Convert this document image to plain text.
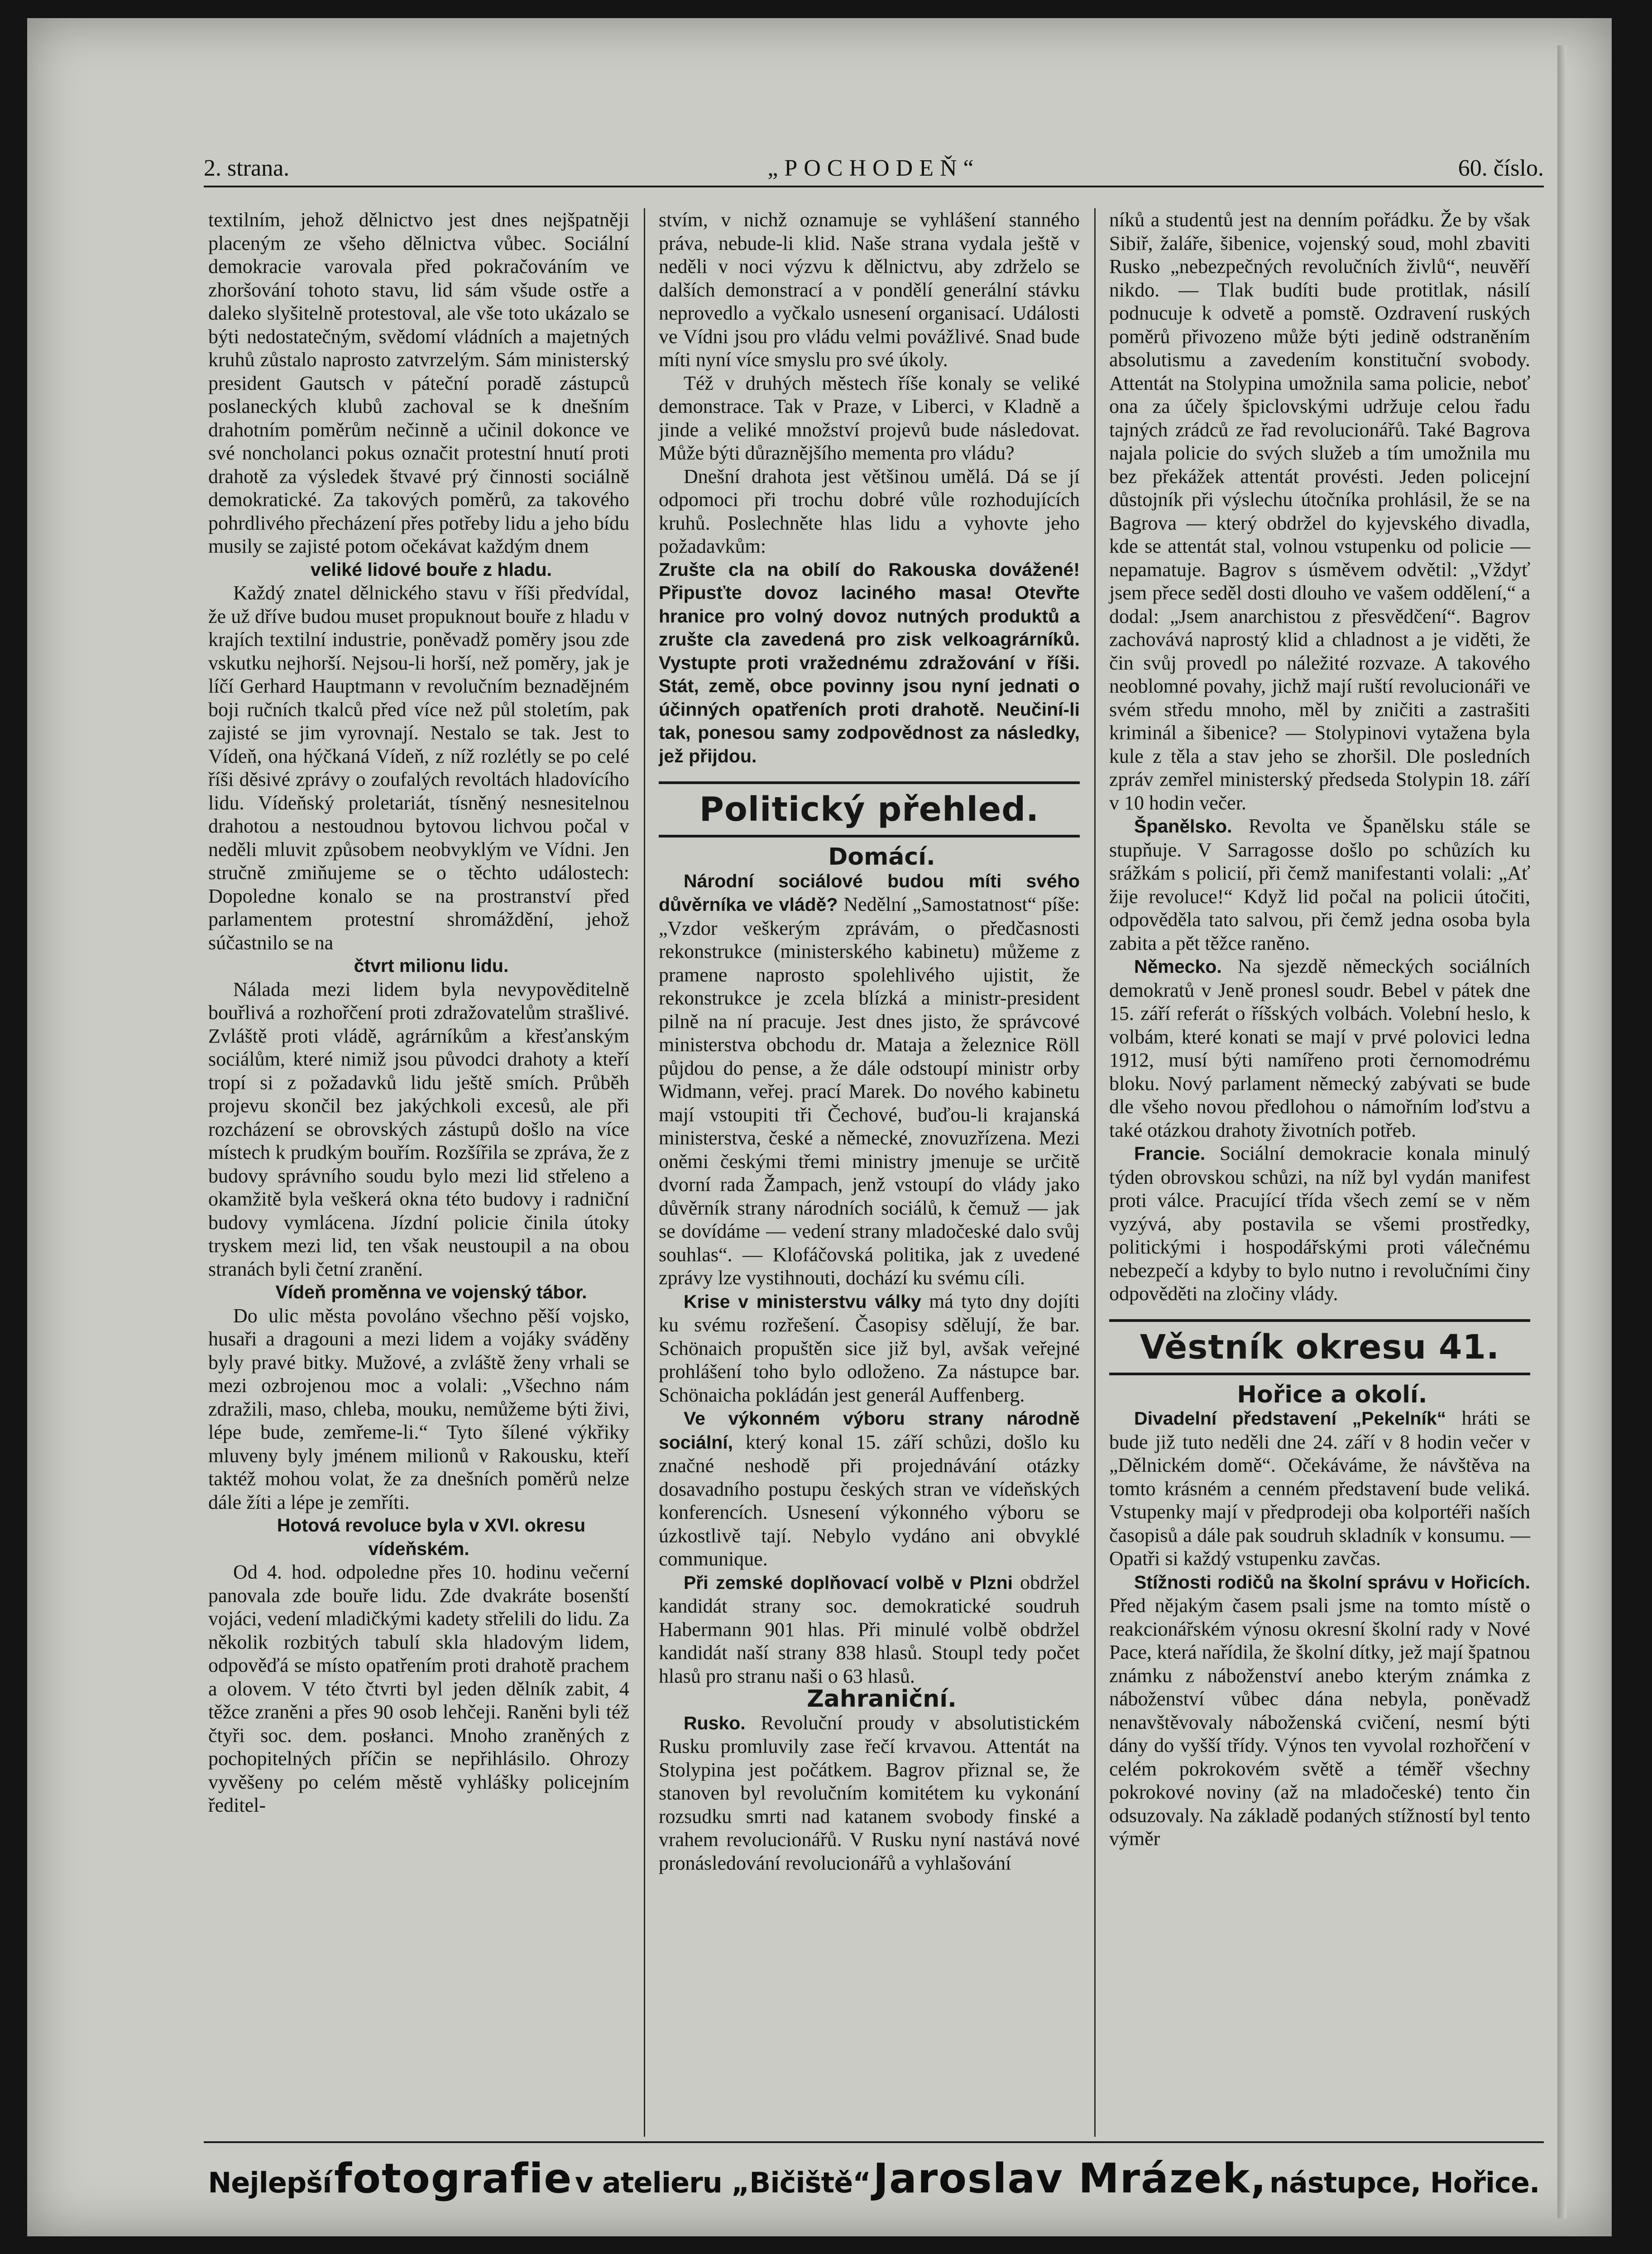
„POCHODEŇ“
2. strana.	60. číslo.

textilním, jehož dělnictvo jest dnes nejšpatněji placeným ze všeho dělnictva vůbec. Sociální demokracie varovala před pokračováním ve zhoršování tohoto stavu, lid sám všude ostře a daleko slyšitelně protestoval, ale vše toto ukázalo se býti nedostatečným, svědomí vládních a majetných kruhů zůstalo naprosto zatvrzelým. Sám ministerský president Gautsch v páteční poradě zástupců poslaneckých klubů zachoval se k dnešním drahotním poměrům nečinně a učinil dokonce ve své noncholanci pokus označit protestní hnutí proti drahotě za výsledek štvavé prý činnosti sociálně demokratické. Za takových poměrů, za takového pohrdlivého přecházení přes potřeby lidu a jeho bídu musily se zajisté potom očekávat každým dnem

veliké lidové bouře z hladu.

Každý znatel dělnického stavu v říši předvídal, že už dříve budou muset propuknout bouře z hladu v krajích textilní industrie, poněvadž poměry jsou zde vskutku nejhorší. Nejsou-li horší, než poměry, jak je líčí Gerhard Hauptmann v revolučním beznadějném boji ručních tkalců před více než půl stoletím, pak zajisté se jim vyrovnají. Nestalo se tak. Jest to Vídeň, ona hýčkaná Vídeň, z níž rozlétly se po celé říši děsivé zprávy o zoufalých revoltách hladovícího lidu. Vídeňský proletariát, tísněný nesnesitelnou drahotou a nestoudnou bytovou lichvou počal v neděli mluvit způsobem neobvyklým ve Vídni. Jen stručně zmiňujeme se o těchto událostech: Dopoledne konalo se na prostranství před parlamentem protestní shromáždění, jehož súčastnilo se na

čtvrt milionu lidu.

Nálada mezi lidem byla nevypověditelně bouřlivá a rozhořčení proti zdražovatelům strašlivé. Zvláště proti vládě, agrárníkům a křesťanským sociálům, které nimiž jsou původci drahoty a kteří tropí si z požadavků lidu ještě smích. Průběh projevu skončil bez jakýchkoli excesů, ale při rozcházení se obrovských zástupů došlo na více místech k prudkým bouřím. Rozšířila se zpráva, že z budovy správního soudu bylo mezi lid střeleno a okamžitě byla veškerá okna této budovy i radniční budovy vymlácena. Jízdní policie činila útoky tryskem mezi lid, ten však neustoupil a na obou stranách byli četní zranění.

Vídeň proměnna ve vojenský tábor.

Do ulic města povoláno všechno pěší vojsko, husaři a dragouni a mezi lidem a vojáky sváděny byly pravé bitky. Mužové, a zvláště ženy vrhali se mezi ozbrojenou moc a volali: „Všechno nám zdražili, maso, chleba, mouku, nemůžeme býti živi, lépe bude, zemřeme-li.“ Tyto šílené výkřiky mluveny byly jménem milionů v Rakousku, kteří taktéž mohou volat, že za dnešních poměrů nelze dále žíti a lépe je zemříti.

Hotová revoluce byla v XVI. okresu vídeňském.

Od 4. hod. odpoledne přes 10. hodinu večerní panovala zde bouře lidu. Zde dvakráte bosenští vojáci, vedení mladičkými kadety střelili do lidu. Za několik rozbitých tabulí skla hladovým lidem, odpověďá se místo opatřením proti drahotě prachem a olovem. V této čtvrti byl jeden dělník zabit, 4 těžce zraněni a přes 90 osob lehčeji. Raněni byli též čtyři soc. dem. posłanci. Mnoho zraněných z pochopitelných příčin se nepřihlásilo. Ohrozy vyvěšeny po celém městě vyhlášky policejním ředitel-

stvím, v nichž oznamuje se vyhlášení stanného práva, nebude-li klid. Naše strana vydala ještě v neděli v noci výzvu k dělnictvu, aby zdrželo se dalších demonstrací a v pondělí generální stávku neprovedlo a vyčkalo usnesení organisací. Události ve Vídni jsou pro vládu velmi povážlivé. Snad bude míti nyní více smyslu pro své úkoly.

Též v druhých městech říše konaly se veliké demonstrace. Tak v Praze, v Liberci, v Kladně a jinde a veliké množství projevů bude následovat. Může býti důraznějšího mementa pro vládu?

Dnešní drahota jest většinou umělá. Dá se jí odpomoci při trochu dobré vůle rozhodujících kruhů. Poslechněte hlas lidu a vyhovte jeho požadavkům:

Zrušte cla na obilí do Rakouska dovážené! Připusťte dovoz laciného masa! Otevřte hranice pro volný dovoz nutných produktů a zrušte cla zavedená pro zisk velkoagrárníků. Vystupte proti vražednému zdražování v říši. Stát, země, obce povinny jsou nyní jednati o účinných opatřeních proti drahotě. Neučiní-li tak, ponesou samy zodpovědnost za následky, jež přijdou.

Politický přehled.

Domácí.

Národní sociálové budou míti svého důvěrníka ve vládě? Nedělní „Samostatnost“ píše: „Vzdor veškerým zprávám, o předčasnosti rekonstrukce (ministerského kabinetu) můžeme z pramene naprosto spolehlivého ujistit, že rekonstrukce je zcela blízká a ministr-president pilně na ní pracuje. Jest dnes jisto, že správcové ministerstva obchodu dr. Mataja a železnice Röll půjdou do pense, a že dále odstoupí ministr orby Widmann, veřej. prací Marek. Do nového kabinetu mají vstoupiti tři Čechové, buďou-li krajanská ministerstva, české a německé, znovuzřízena. Mezi oněmi českými třemi ministry jmenuje se určitě dvorní rada Žampach, jenž vstoupí do vlády jako důvěrník strany národních sociálů, k čemuž — jak se dovídáme — vedení strany mladočeské dalo svůj souhlas“. — Klofáčovská politika, jak z uvedené zprávy lze vystihnouti, dochází ku svému cíli.

Krise v ministerstvu války má tyto dny dojíti ku svému rozřešení. Časopisy sdělují, že bar. Schönaich propuštěn sice již byl, avšak veřejné prohlášení toho bylo odloženo. Za nástupce bar. Schönaicha pokládán jest generál Auffenberg.

Ve výkonném výboru strany národně sociální, který konal 15. září schůzi, došlo ku značné neshodě při projednávání otázky dosavadního postupu českých stran ve vídeňských konferencích. Usnesení výkonného výboru se úzkostlivě tají. Nebylo vydáno ani obvyklé communique.

Při zemské doplňovací volbě v Plzni obdržel kandidát strany soc. demokratické soudruh Habermann 901 hlas. Při minulé volbě obdržel kandidát naší strany 838 hlasů. Stoupl tedy počet hlasů pro stranu naši o 63 hlasů.

Zahraniční.

Rusko. Revoluční proudy v absolutistickém Rusku promluvily zase řečí krvavou. Attentát na Stolypina jest počátkem. Bagrov přiznal se, že stanoven byl revolučním komitétem ku vykonání rozsudku smrti nad katanem svobody finské a vrahem revolucionářů. V Rusku nyní nastává nové pronásledování revolucionářů a vyhlašování

níků a studentů jest na denním pořádku. Že by však Sibiř, žaláře, šibenice, vojenský soud, mohl zbaviti Rusko „nebezpečných revolučních živlů“, neuvěří nikdo. — Tlak budíti bude protitlak, násilí podnucuje k odvetě a pomstě. Ozdravení ruských poměrů přivozeno může býti jedině odstraněním absolutismu a zavedením konstituční svobody. Attentát na Stolypina umožnila sama policie, neboť ona za účely špiclovskými udržuje celou řadu tajných zrádců ze řad revolucionářů. Také Bagrova najala policie do svých služeb a tím umožnila mu bez překážek attentát provésti. Jeden policejní důstojník při výslechu útočníka prohlásil, že se na Bagrova — který obdržel do kyjevského divadla, kde se attentát stal, volnou vstupenku od policie — nepamatuje. Bagrov s úsměvem odvětil: „Vždyť jsem přece seděl dosti dlouho ve vašem oddělení,“ a dodal: „Jsem anarchistou z přesvědčení“. Bagrov zachovává naprostý klid a chladnost a je viděti, že čin svůj provedl po náležité rozvaze. A takového neoblomné povahy, jichž mají ruští revolucionáři ve svém středu mnoho, měl by zničiti a zastrašiti kriminál a šibenice? — Stolypinovi vytažena byla kule z těla a stav jeho se zhoršil. Dle posledních zpráv zemřel ministerský předseda Stolypin 18. září v 10 hodin večer.

Španělsko. Revolta ve Španělsku stále se stupňuje. V Sarragosse došlo po schůzích ku srážkám s policií, při čemž manifestanti volali: „Ať žije revoluce!“ Když lid počal na policii útočiti, odpověděla tato salvou, při čemž jedna osoba byla zabita a pět těžce raněno.

Německo. Na sjezdě německých sociálních demokratů v Jeně pronesl soudr. Bebel v pátek dne 15. září referát o říšských volbách. Volební heslo, k volbám, které konati se mají v prvé polovici ledna 1912, musí býti namířeno proti černomodrému bloku. Nový parlament německý zabývati se bude dle všeho novou předlohou o námořním loďstvu a také otázkou drahoty životních potřeb.

Francie. Sociální demokracie konala minulý týden obrovskou schůzi, na níž byl vydán manifest proti válce. Pracující třída všech zemí se v něm vyzývá, aby postavila se všemi prostředky, politickými i hospodářskými proti válečnému nebezpečí a kdyby to bylo nutno i revolučními činy odpověděti na zločiny vlády.

Věstník okresu 41.

Hořice a okolí.

Divadelní představení „Pekelník“ hráti se bude již tuto neděli dne 24. září v 8 hodin večer v „Dělnickém domě“. Očekáváme, že návštěva na tomto krásném a cenném představení bude veliká. Vstupenky mají v předprodeji oba kolportéři naších časopisů a dále pak soudruh skladník v konsumu. — Opatři si každý vstupenku zavčas.

Stížnosti rodičů na školní správu v Hořicích. Před nějakým časem psali jsme na tomto místě o reakcionářském výnosu okresní školní rady v Nové Pace, která nařídila, že školní dítky, jež mají špatnou známku z náboženství anebo kterým známka z náboženství vůbec dána nebyla, poněvadž nenavštěvovaly náboženská cvičení, nesmí býti dány do vyšší třídy. Výnos ten vyvolal rozhořčení v celém pokrokovém světě a téměř všechny pokrokové noviny (až na mladočeské) tento čin odsuzovaly. Na základě podaných stížností byl tento výměr

Nejlepší fotografie v atelieru „Bičiště“ Jaroslav Mrázek, nástupce, Hořice.
